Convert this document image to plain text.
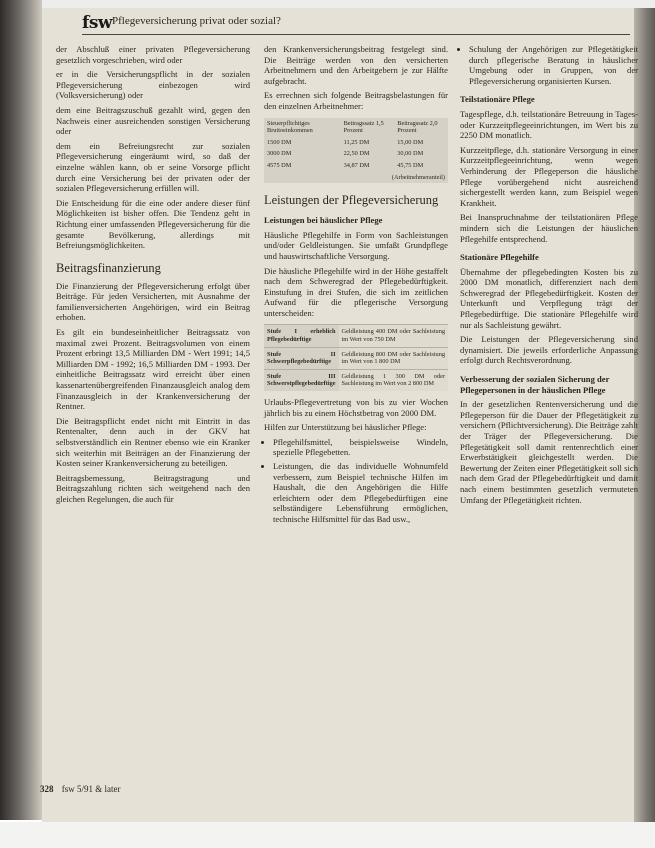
fsw Pflegeversicherung privat oder sozial?

der Abschluß einer privaten Pflegeversicherung gesetzlich vorgeschrieben, wird oder

er in die Versicherungspflicht in der sozialen Pflegeversicherung einbezogen wird (Volksversicherung) oder

dem eine Beitragszuschuß gezahlt wird, gegen den Nachweis einer ausreichenden sonstigen Versicherung oder

dem ein Befreiungsrecht zur sozialen Pflegeversicherung eingeräumt wird, so daß der einzelne wählen kann, ob er seine Vorsorge pflicht durch eine Versicherung bei der privaten oder der sozialen Pflegeversicherung erfüllen will.

Die Entscheidung für die eine oder andere dieser fünf Möglichkeiten ist bisher offen. Die Tendenz geht in Richtung einer umfassenden Pflegeversicherung für die gesamte Bevölkerung, allerdings mit Befreiungsmöglichkeiten.

Beitragsfinanzierung

Die Finanzierung der Pflegeversicherung erfolgt über Beiträge. Für jeden Versicherten, mit Ausnahme der familienversicherten Angehörigen, wird ein Beitrag erhoben.

Es gilt ein bundeseinheitlicher Beitragssatz von maximal zwei Prozent. Beitragsvolumen von einem Prozent erbringt 13,5 Milliarden DM - Wert 1991; 14,5 Milliarden DM - 1992; 16,5 Milliarden DM - 1993. Der einheitliche Beitragssatz wird erreicht über einen kassenartenübergreifenden Finanzausgleich analog dem Finanzausgleich in der Krankenversicherung der Rentner.

Die Beitragspflicht endet nicht mit Eintritt in das Rentenalter, denn auch in der GKV hat selbstverständlich ein Rentner ebenso wie ein Kranker sich weiterhin mit Beiträgen an der Finanzierung der Kosten seiner Krankenversicherung zu beteiligen.

Beitragsbemessung, Beitragstragung und Beitragszahlung richten sich weitgehend nach den gleichen Regelungen, die auch für

den Krankenversicherungsbeitrag festgelegt sind. Die Beiträge werden von den versicherten Arbeitnehmern und den Arbeitgebern je zur Hälfte aufgebracht.

Es errechnen sich folgende Beitragsbelastungen für den einzelnen Arbeitnehmer:

Steuerpflichtiges Bruttoeinkommen	Beitragssatz 1,5 Prozent	Beitragssatz 2,0 Prozent
1500 DM	11,25 DM	15,00 DM
3000 DM	22,50 DM	30,00 DM
4575 DM	34,87 DM	45,75 DM
(Arbeitnehmeranteil)		
Leistungen der Pflegeversicherung
Leistungen bei häuslicher Pflege

Häusliche Pflegehilfe in Form von Sachleistungen und/oder Geldleistungen. Sie umfaßt Grundpflege und hauswirtschaftliche Versorgung.

Die häusliche Pflegehilfe wird in der Höhe gestaffelt nach dem Schweregrad der Pflegebedürftigkeit. Einstufung in drei Stufen, die sich im zeitlichen Aufwand für die pflegerische Versorgung unterscheiden:

Stufe I erheblich Pflegebedürftige	Geldleistung 400 DM oder Sachleistung im Wert von 750 DM
Stufe II Schwerpflegebedürftige	Geldleistung 800 DM oder Sachleistung im Wert von 1 800 DM
Stufe III Schwerstpflegebedürftige	Geldleistung 1 300 DM oder Sachleistung im Wert von 2 800 DM

Urlaubs-Pflegevertretung von bis zu vier Wochen jährlich bis zu einem Höchstbetrag von 2000 DM.

Hilfen zur Unterstützung bei häuslicher Pflege:

• Pflegehilfsmittel, beispielsweise Windeln, spezielle Pflegebetten.
• Leistungen, die das individuelle Wohnumfeld verbessern, zum Beispiel technische Hilfen im Haushalt, die den Angehörigen die Hilfe erleichtern oder dem Pflegebedürftigen eine selbständigere Lebensführung ermöglichen, technische Hilfsmittel für das Bad usw.,
• Schulung der Angehörigen zur Pflegetätigkeit durch pflegerische Beratung in häuslicher Umgebung oder in Gruppen, von der Pflegeversicherung organisierten Kursen.
Teilstationäre Pflege

Tagespflege, d.h. teilstationäre Betreuung in Tages- oder Kurzzeitpflegeeinrichtungen, im Wert bis zu 2250 DM monatlich.

Kurzzeitpflege, d.h. stationäre Versorgung in einer Kurzzeitpflegeeinrichtung, wenn wegen Verhinderung der Pflegeperson die häusliche Pflege vorübergehend nicht ausreichend sichergestellt werden kann, zum Beispiel wegen Krankheit.

Bei Inanspruchnahme der teilstationären Pflege mindern sich die Leistungen der häuslichen Pflegehilfe entsprechend.

Stationäre Pflegehilfe

Übernahme der pflegebedingten Kosten bis zu 2000 DM monatlich, differenziert nach dem Schweregrad der Pflegebedürftigkeit. Kosten der Unterkunft und Verpflegung trägt der Pflegebedürftige. Die stationäre Pflegehilfe wird nur als Sachleistung gewährt.

Die Leistungen der Pflegeversicherung sind dynamisiert. Die jeweils erforderliche Anpassung erfolgt durch Rechtsverordnung.

Verbesserung der sozialen Sicherung der Pflegepersonen in der häuslichen Pflege

In der gesetzlichen Rentenversicherung und die Pflegeperson für die Dauer der Pflegetätigkeit zu versichern (Pflichtversicherung). Die Beiträge zahlt der Träger der Pflegeversicherung. Die Pflegetätigkeit soll damit rentenrechtlich einer Erwerbstätigkeit gleichgestellt werden. Die Bewertung der Zeiten einer Pflegetätigkeit soll sich nach dem Grad der Pflegebedürftigkeit und damit nach einem bestimmten gesetzlich vermuteten Umfang der Pflegetätigkeit richten.

328 fsw 5/91 & later
